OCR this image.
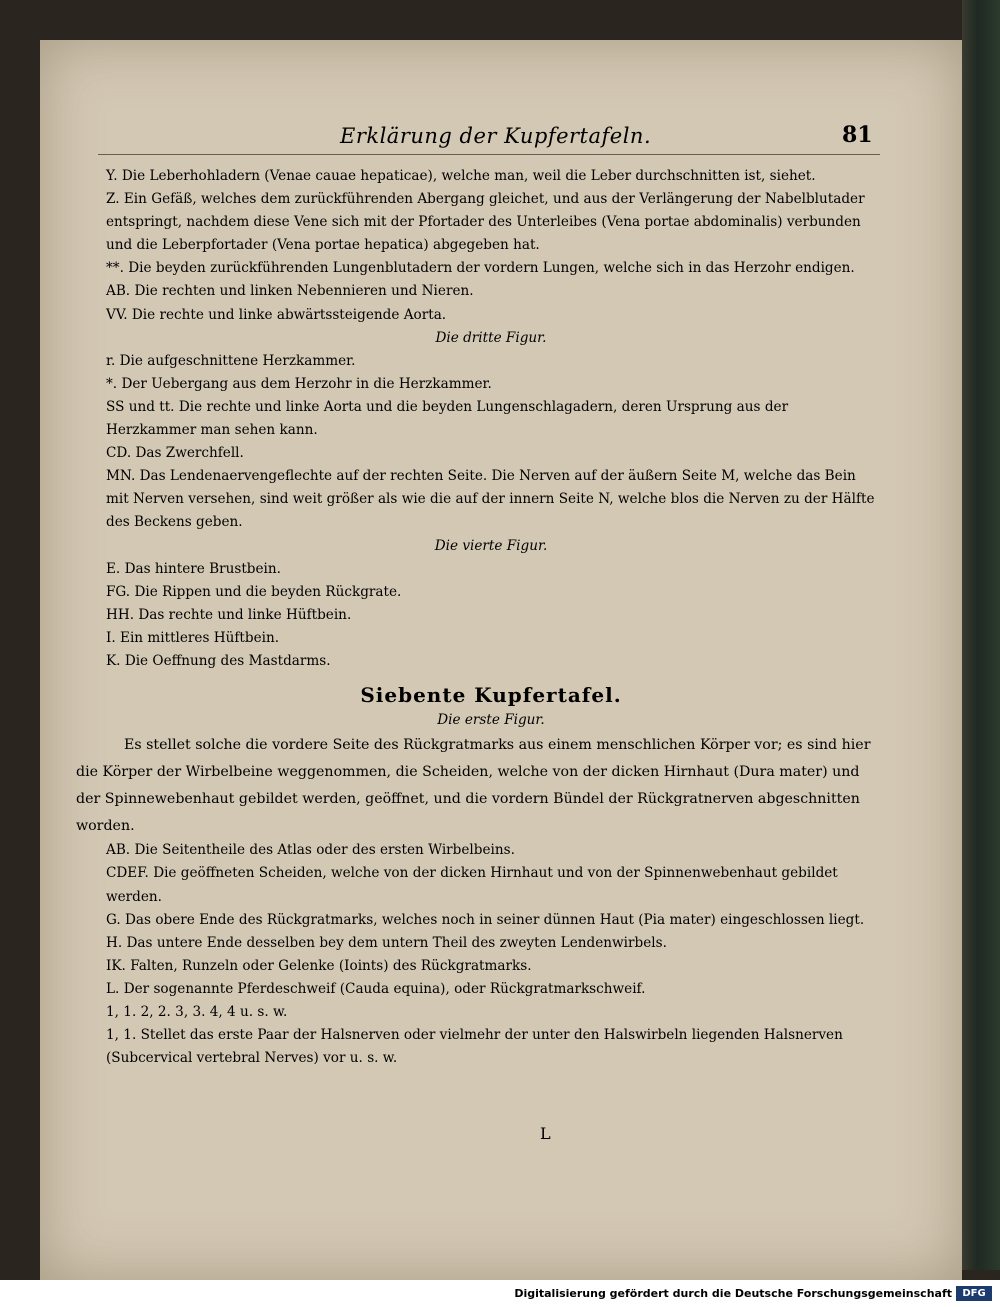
Erklärung der Kupfertafeln.	81

Y. Die Leberhohladern (Venae cauae hepaticae), welche man, weil die Leber durchschnitten ist, siehet.

Z. Ein Gefäß, welches dem zurückführenden Abergang gleichet, und aus der Verlängerung der Nabelblutader entspringt, nachdem diese Vene sich mit der Pfortader des Unterleibes (Vena portae abdominalis) verbunden und die Leberpfortader (Vena portae hepatica) abgegeben hat.

**. Die beyden zurückführenden Lungenblutadern der vordern Lungen, welche sich in das Herzohr endigen.

AB. Die rechten und linken Nebennieren und Nieren.

VV. Die rechte und linke abwärtssteigende Aorta.

Die dritte Figur.

r. Die aufgeschnittene Herzkammer.

*. Der Uebergang aus dem Herzohr in die Herzkammer.

SS und tt. Die rechte und linke Aorta und die beyden Lungenschlagadern, deren Ursprung aus der Herzkammer man sehen kann.

CD. Das Zwerchfell.

MN. Das Lendenaervengeflechte auf der rechten Seite. Die Nerven auf der äußern Seite M, welche das Bein mit Nerven versehen, sind weit größer als wie die auf der innern Seite N, welche blos die Nerven zu der Hälfte des Beckens geben.

Die vierte Figur.

E. Das hintere Brustbein.

FG. Die Rippen und die beyden Rückgrate.

HH. Das rechte und linke Hüftbein.

I. Ein mittleres Hüftbein.

K. Die Oeffnung des Mastdarms.

Siebente Kupfertafel.

Die erste Figur.

Es stellet solche die vordere Seite des Rückgratmarks aus einem menschlichen Körper vor; es sind hier die Körper der Wirbelbeine weggenommen, die Scheiden, welche von der dicken Hirnhaut (Dura mater) und der Spinnewebenhaut gebildet werden, geöffnet, und die vordern Bündel der Rückgratnerven abgeschnitten worden.

AB. Die Seitentheile des Atlas oder des ersten Wirbelbeins.

CDEF. Die geöffneten Scheiden, welche von der dicken Hirnhaut und von der Spinnenwebenhaut gebildet werden.

G. Das obere Ende des Rückgratmarks, welches noch in seiner dünnen Haut (Pia mater) eingeschlossen liegt.

H. Das untere Ende desselben bey dem untern Theil des zweyten Lendenwirbels.

IK. Falten, Runzeln oder Gelenke (Ioints) des Rückgratmarks.

L. Der sogenannte Pferdeschweif (Cauda equina), oder Rückgratmarkschweif.

1, 1. 2, 2. 3, 3. 4, 4 u. s. w.

1, 1. Stellet das erste Paar der Halsnerven oder vielmehr der unter den Halswirbeln liegenden Halsnerven (Subcervical vertebral Nerves) vor u. s. w.

L
Digitalisierung gefördert durch die Deutsche Forschungsgemeinschaft	DFG
